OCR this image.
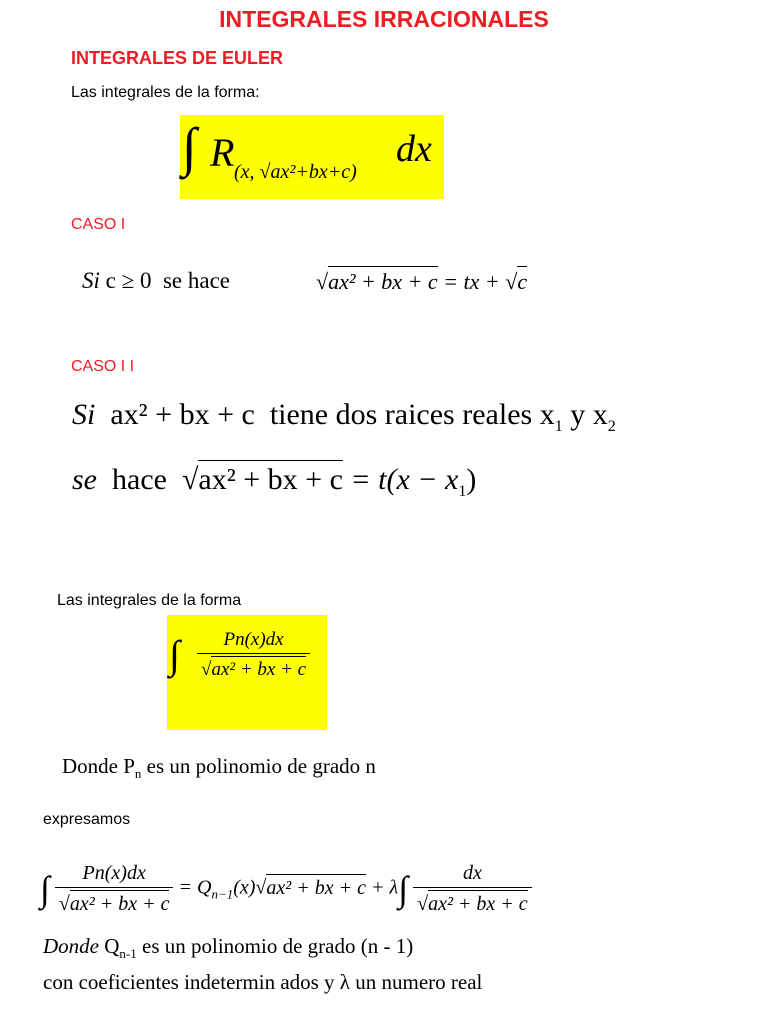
INTEGRALES IRRACIONALES
INTEGRALES DE EULER
Las integrales de la forma:
∫ R (x, √ax²+bx+c)
dx
CASO I
Si c ≥ 0 se hace	√ax² + bx + c = tx + √c
CASO I I
Si ax² + bx + c tiene dos raices reales $x_1$ y $x_2$
se hace √ax² + bx + $c = t(x - x_1)$
Las integrales de la forma
∫ $\frac{Pn(x)dx}{\text{√ax² + bx + c}}$
Donde $P_n$ es un polinomio de grado n
expresamos
∫ $\frac{Pn(x)dx}{\text{√ax² + bx + c}} = Q_{n-1}(x)√ax^2$ + bx + $c + \lambda\int \frac{dx}{\text{√ax² + bx + c}}$
Donde $Q_{n-1}$ es un polinomio de grado (n - 1)
con coeficientes indetermin ados y λ un numero real
